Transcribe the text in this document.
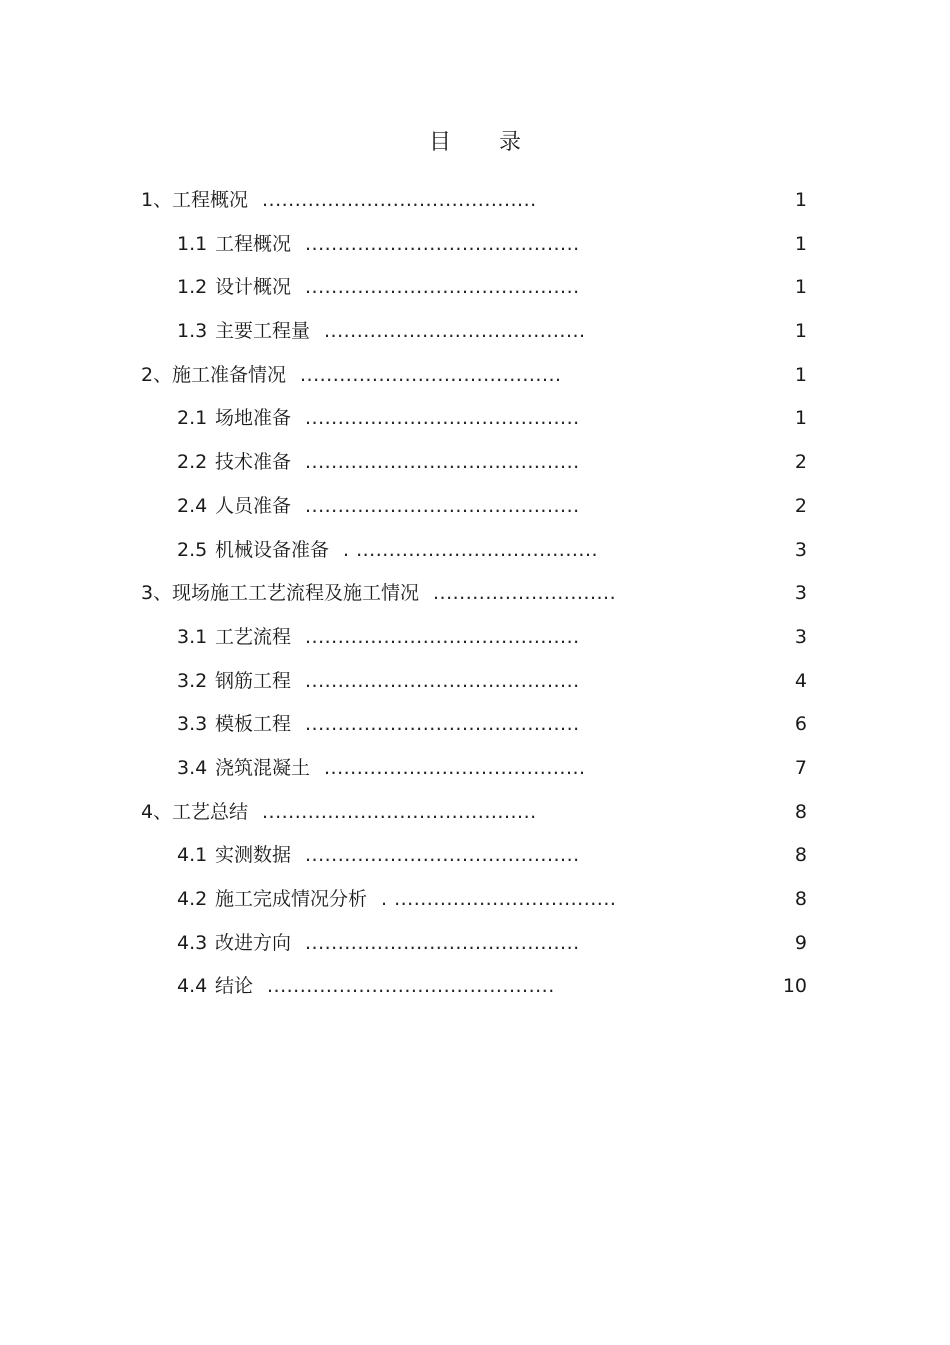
目录
1、 工程概况 ..........................................	1
1.1 工程概况 ..........................................	1
1.2 设计概况 ..........................................	1
1.3 主要工程量 ........................................	1
2、 施工准备情况 ........................................	1
2.1 场地准备 ..........................................	1
2.2 技术准备 ..........................................	2
2.4 人员准备 ..........................................	2
2.5 机械设备准备 . .....................................	3
3、 现场施工工艺流程及施工情况 ............................	3
3.1 工艺流程 ..........................................	3
3.2 钢筋工程 ..........................................	4
3.3 模板工程 ..........................................	6
3.4 浇筑混凝土 ........................................	7
4、 工艺总结 ..........................................	8
4.1 实测数据 ..........................................	8
4.2 施工完成情况分析 . ..................................	8
4.3 改进方向 ..........................................	9
4.4 结论 ............................................	10
